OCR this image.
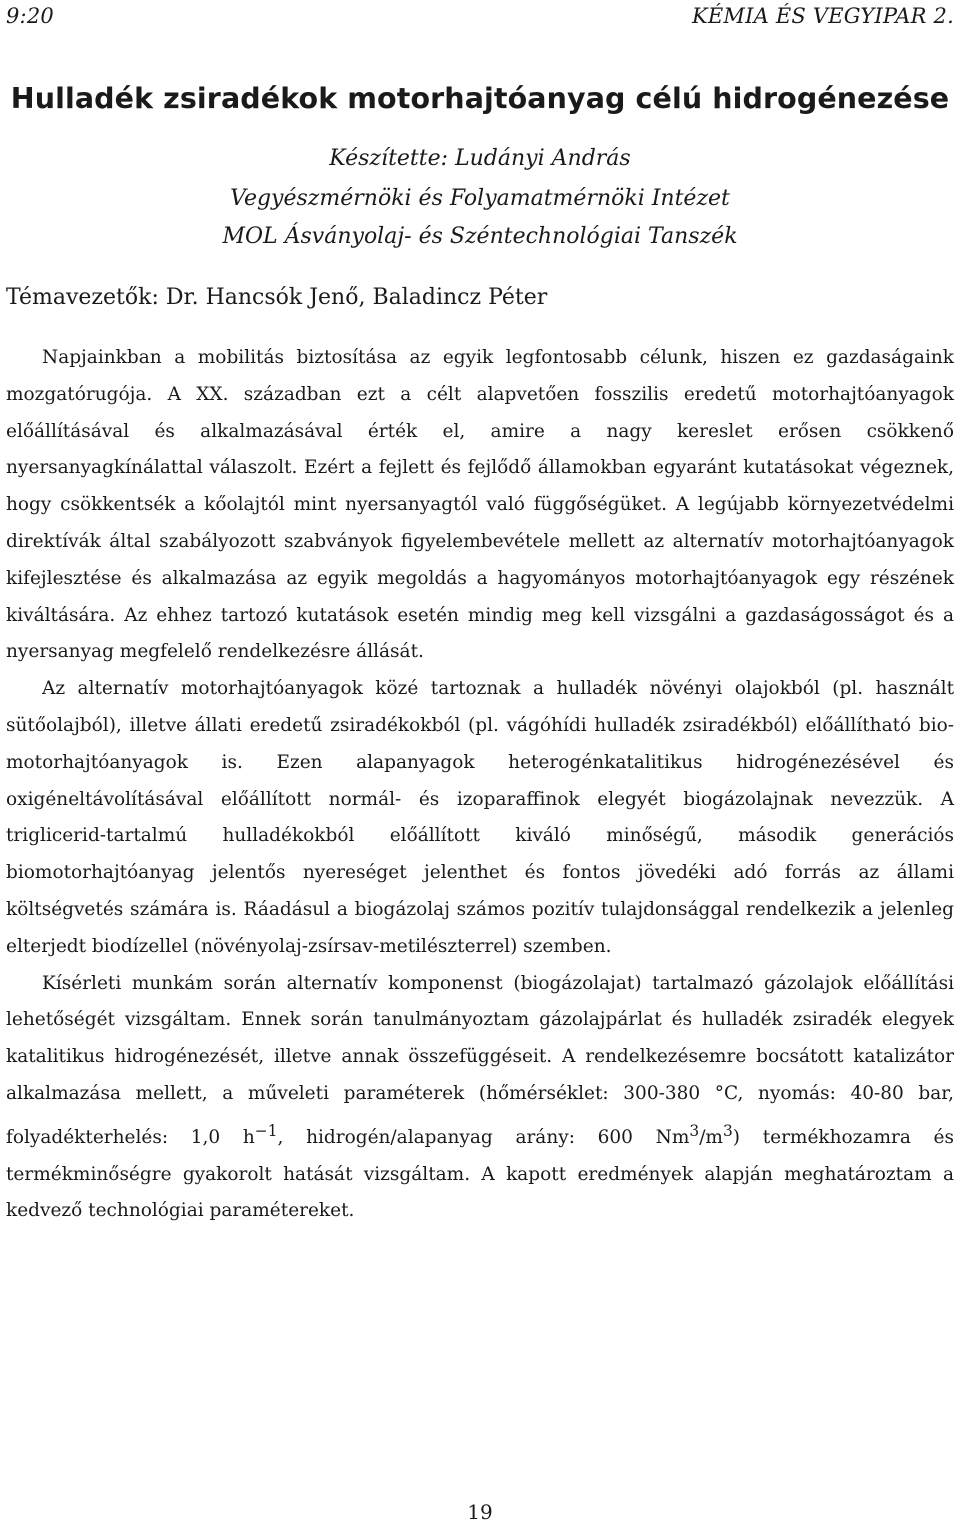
9:20	KÉMIA ÉS VEGYIPAR 2.
Hulladék zsiradékok motorhajtóanyag célú hidrogénezése
Készítette: Ludányi András
Vegyészmérnöki és Folyamatmérnöki Intézet
MOL Ásványolaj- és Széntechnológiai Tanszék
Témavezetők: Dr. Hancsók Jenő, Baladincz Péter

Napjainkban a mobilitás biztosítása az egyik legfontosabb célunk, hiszen ez gazdaságaink mozgatórugója. A XX. században ezt a célt alapvetően fosszilis eredetű motorhajtóanyagok előállításával és alkalmazásával érték el, amire a nagy kereslet erősen csökkenő nyersanyagkínálattal válaszolt. Ezért a fejlett és fejlődő államokban egyaránt kutatásokat végeznek, hogy csökkentsék a kőolajtól mint nyersanyagtól való függőségüket. A legújabb környezetvédelmi direktívák által szabályozott szabványok figyelembevétele mellett az alternatív motorhajtóanyagok kifejlesztése és alkalmazása az egyik megoldás a hagyományos motorhajtóanyagok egy részének kiváltására. Az ehhez tartozó kutatások esetén mindig meg kell vizsgálni a gazdaságosságot és a nyersanyag megfelelő rendelkezésre állását.

Az alternatív motorhajtóanyagok közé tartoznak a hulladék növényi olajokból (pl. használt sütőolajból), illetve állati eredetű zsiradékokból (pl. vágóhídi hulladék zsiradékból) előállítható bio-motorhajtóanyagok is. Ezen alapanyagok heterogénkatalitikus hidrogénezésével és oxigéneltávolításával előállított normál- és izoparaffinok elegyét biogázolajnak nevezzük. A triglicerid-tartalmú hulladékokból előállított kiváló minőségű, második generációs biomotorhajtóanyag jelentős nyereséget jelenthet és fontos jövedéki adó forrás az állami költségvetés számára is. Ráadásul a biogázolaj számos pozitív tulajdonsággal rendelkezik a jelenleg elterjedt biodízellel (növényolaj-zsírsav-metilészterrel) szemben.

Kísérleti munkám során alternatív komponenst (biogázolajat) tartalmazó gázolajok előállítási lehetőségét vizsgáltam. Ennek során tanulmányoztam gázolajpárlat és hulladék zsiradék elegyek katalitikus hidrogénezését, illetve annak összefüggéseit. A rendelkezésemre bocsátott katalizátor alkalmazása mellett, a műveleti paraméterek (hőmérséklet: 300-380 °C, nyomás: 40-80 bar, folyadékterhelés: 1,0 $h^{-1}$, hidrogén/alapanyag arány: 600 $Nm^3/m^3$) termékhozamra és termékminőségre gyakorolt hatását vizsgáltam. A kapott eredmények alapján meghatároztam a kedvező technológiai paramétereket.

19
